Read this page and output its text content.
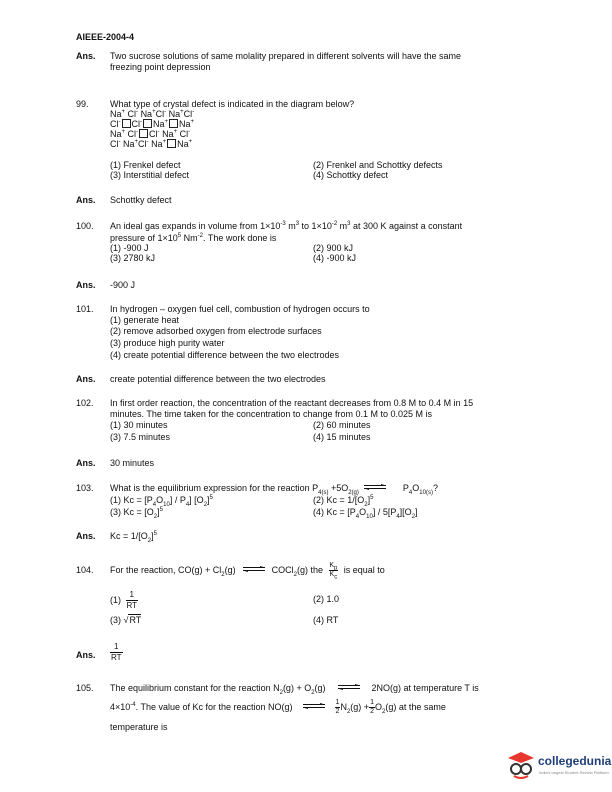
AIEEE-2004-4
Ans. Two sucrose solutions of same molality prepared in different solvents will have the same
freezing point depression
99. What type of crystal defect is indicated in the diagram below?
Na+ Cl- Na+Cl- Na+Cl-
Cl- Cl- Na+ Na+
Na+ Cl- Cl- Na+ Cl-
Cl- Na+Cl- Na+ Na+
(1) Frenkel defect	(2) Frenkel and Schottky defects
(3) Interstitial defect	(4) Schottky defect
Ans. Schottky defect
100. An ideal gas expands in volume from $1\times 10^{-3}$ $m^3$ to $1\times 10^{-2}$ $m^3$ at 300 K against a constant
pressure of $1\times 10^5$ $Nm^{-2}$. The work done is
(1) -900 J	(2) 900 kJ
(3) 2780 kJ	(4) -900 kJ
Ans. -900 J
101. In hydrogen – oxygen fuel cell, combustion of hydrogen occurs to
(1) generate heat
(2) remove adsorbed oxygen from electrode surfaces
(3) produce high purity water
(4) create potential difference between the two electrodes
Ans. create potential difference between the two electrodes
102. In first order reaction, the concentration of the reactant decreases from 0.8 M to 0.4 M in 15
minutes. The time taken for the concentration to change from 0.1 M to 0.025 M is
(1) 30 minutes	(2) 60 minutes
(3) 7.5 minutes	(4) 15 minutes
Ans. 30 minutes
103. What is the equilibrium expression for the reaction $P_{4(s)} +5O_{2(g)}$	$P_4O_{10(s)}$?
(1) $Kc = [P_4O_{10}] / P_4$] $[O_2]^5$	(2) $Kc = 1/[O_2]^5$
(3) $Kc = [O_2]^5$	(4) $Kc = [P_4O_{10}] / 5[P_4][O_2]$
Ans. $Kc = 1/[O_2]^5$
104. For the reaction, $CO(g) + Cl_2(g)$	COCl$_2$(g) the $\frac{K_p}{K_c}$ is equal to
$(1) \frac{1}{RT}$	(2) 1.0
(3) √RT	(4) RT
Ans. $\frac{1}{RT}$
105. The equilibrium constant for the reaction $N_2(g) + O_2(g)$	2NO(g) at temperature T is
$4\times 10^{-4}$. The value of Kc for the reaction NO(g)	$\frac{1}{2} N_2(g) + \frac{1}{2} O_2(g)$ at the same
temperature is
collegedunia
India's largest Student Review Platform
